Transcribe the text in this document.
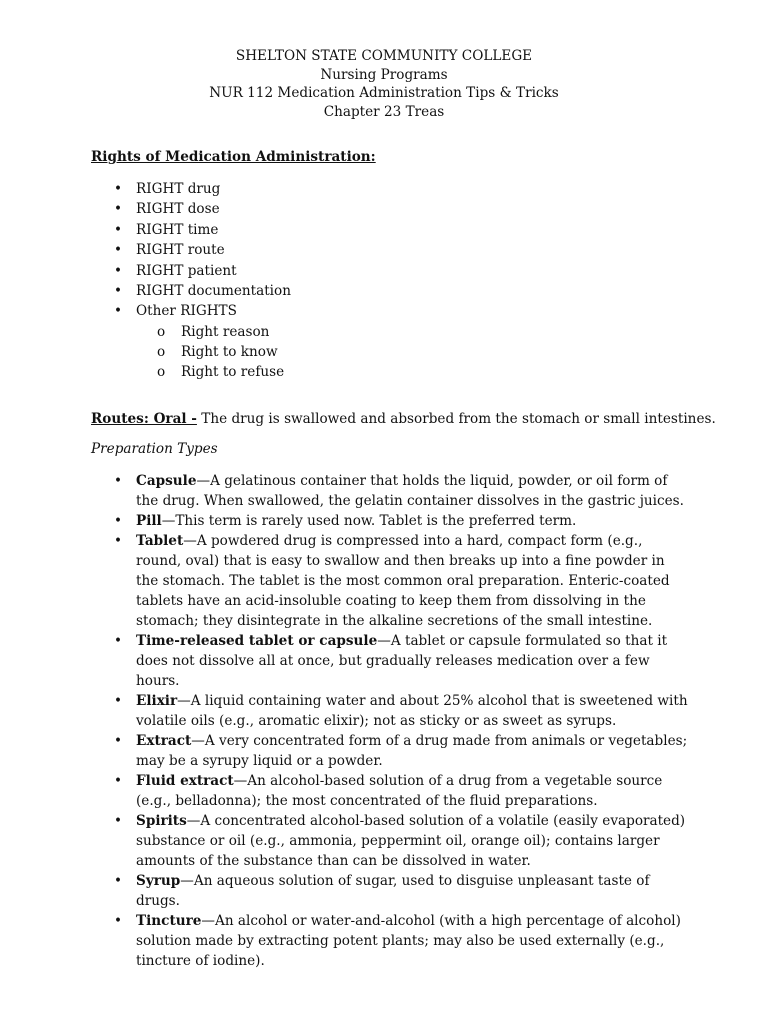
SHELTON STATE COMMUNITY COLLEGE
Nursing Programs
NUR 112 Medication Administration Tips & Tricks
Chapter 23 Treas
Rights of Medication Administration:
• RIGHT drug
• RIGHT dose
• RIGHT time
• RIGHT route
• RIGHT patient
• RIGHT documentation
• Other RIGHTS
o Right reason
o Right to know
o Right to refuse
Routes: Oral - The drug is swallowed and absorbed from the stomach or small intestines.
Preparation Types
• Capsule—A gelatinous container that holds the liquid, powder, or oil form of the drug. When swallowed, the gelatin container dissolves in the gastric juices.
• Pill—This term is rarely used now. Tablet is the preferred term.
• Tablet—A powdered drug is compressed into a hard, compact form (e.g., round, oval) that is easy to swallow and then breaks up into a fine powder in the stomach. The tablet is the most common oral preparation. Enteric-coated tablets have an acid-insoluble coating to keep them from dissolving in the stomach; they disintegrate in the alkaline secretions of the small intestine.
• Time-released tablet or capsule—A tablet or capsule formulated so that it does not dissolve all at once, but gradually releases medication over a few hours.
• Elixir—A liquid containing water and about 25% alcohol that is sweetened with volatile oils (e.g., aromatic elixir); not as sticky or as sweet as syrups.
• Extract—A very concentrated form of a drug made from animals or vegetables; may be a syrupy liquid or a powder.
• Fluid extract—An alcohol-based solution of a drug from a vegetable source (e.g., belladonna); the most concentrated of the fluid preparations.
• Spirits—A concentrated alcohol-based solution of a volatile (easily evaporated) substance or oil (e.g., ammonia, peppermint oil, orange oil); contains larger amounts of the substance than can be dissolved in water.
• Syrup—An aqueous solution of sugar, used to disguise unpleasant taste of drugs.
• Tincture—An alcohol or water-and-alcohol (with a high percentage of alcohol) solution made by extracting potent plants; may also be used externally (e.g., tincture of iodine).
